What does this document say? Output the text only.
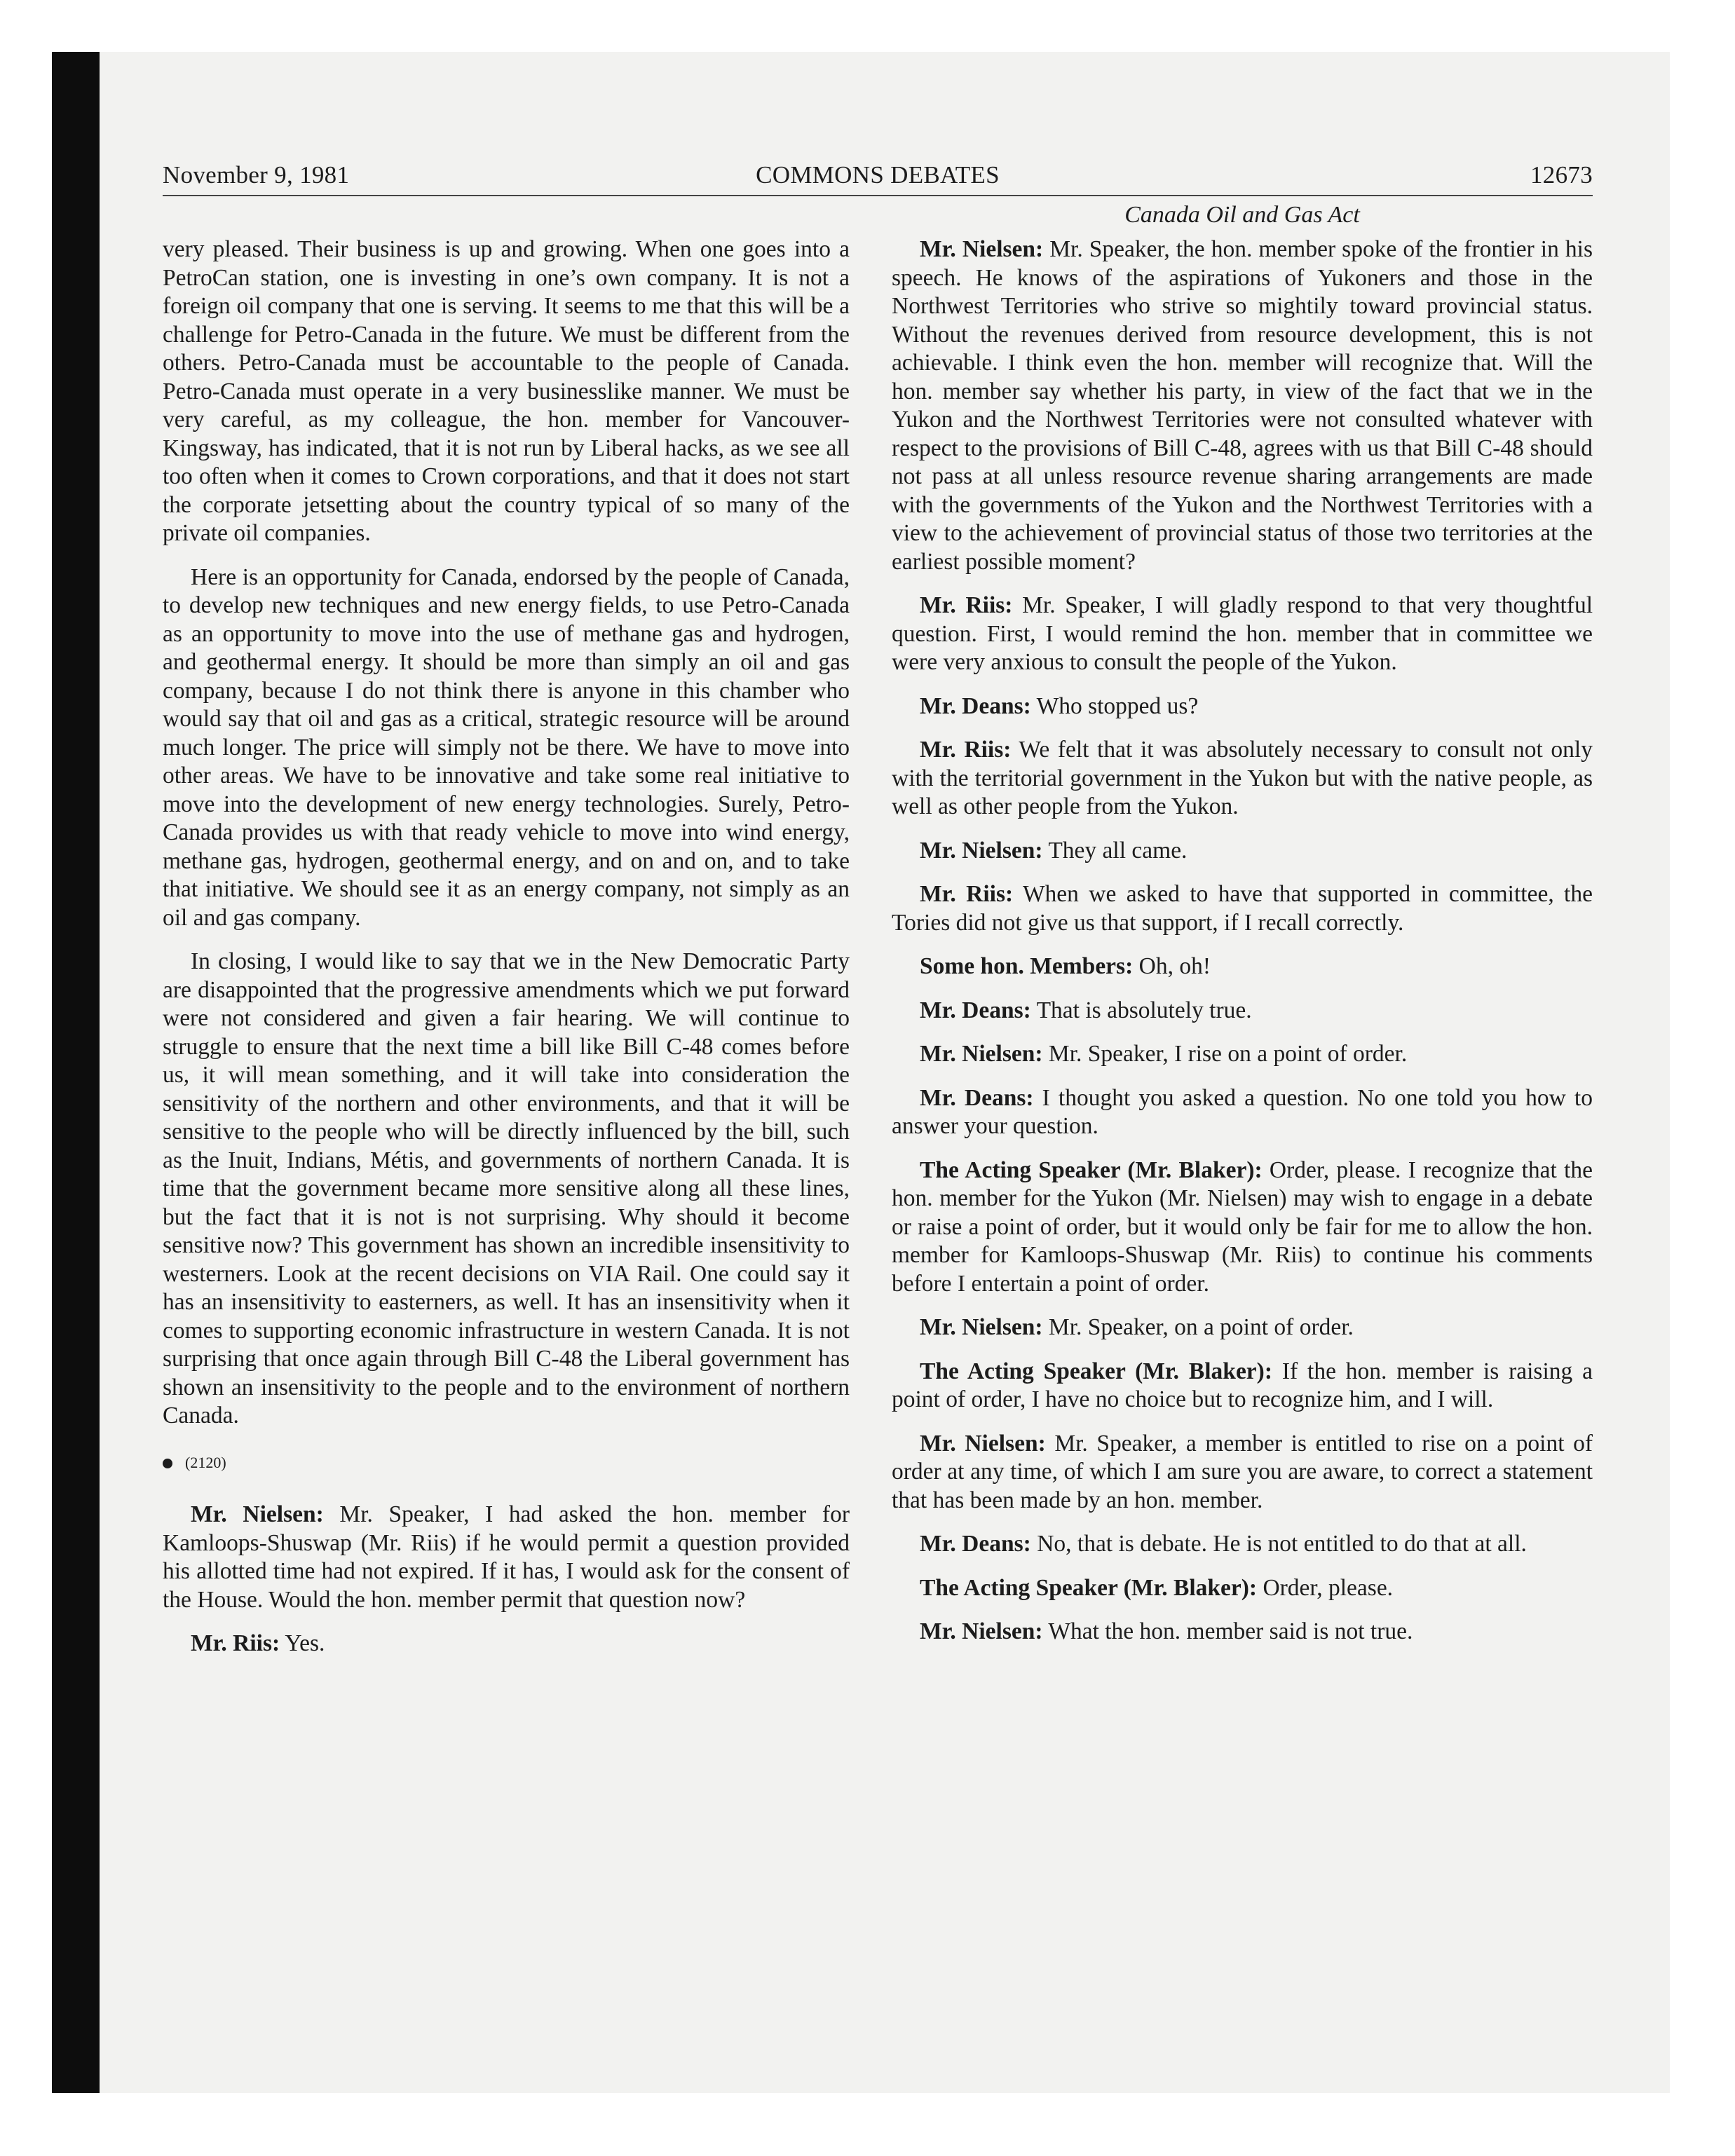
November 9, 1981	COMMONS DEBATES	12673

very pleased. Their business is up and growing. When one goes into a PetroCan station, one is investing in one’s own company. It is not a foreign oil company that one is serving. It seems to me that this will be a challenge for Petro-Canada in the future. We must be different from the others. Petro-Canada must be accountable to the people of Canada. Petro-Canada must operate in a very businesslike manner. We must be very careful, as my colleague, the hon. member for Vancouver-Kingsway, has indicated, that it is not run by Liberal hacks, as we see all too often when it comes to Crown corporations, and that it does not start the corporate jetsetting about the country typical of so many of the private oil companies.

Here is an opportunity for Canada, endorsed by the people of Canada, to develop new techniques and new energy fields, to use Petro-Canada as an opportunity to move into the use of methane gas and hydrogen, and geothermal energy. It should be more than simply an oil and gas company, because I do not think there is anyone in this chamber who would say that oil and gas as a critical, strategic resource will be around much longer. The price will simply not be there. We have to move into other areas. We have to be innovative and take some real initiative to move into the development of new energy technologies. Surely, Petro-Canada provides us with that ready vehicle to move into wind energy, methane gas, hydrogen, geothermal energy, and on and on, and to take that initiative. We should see it as an energy company, not simply as an oil and gas company.

In closing, I would like to say that we in the New Democratic Party are disappointed that the progressive amendments which we put forward were not considered and given a fair hearing. We will continue to struggle to ensure that the next time a bill like Bill C-48 comes before us, it will mean something, and it will take into consideration the sensitivity of the northern and other environments, and that it will be sensitive to the people who will be directly influenced by the bill, such as the Inuit, Indians, Métis, and governments of northern Canada. It is time that the government became more sensitive along all these lines, but the fact that it is not is not surprising. Why should it become sensitive now? This government has shown an incredible insensitivity to westerners. Look at the recent decisions on VIA Rail. One could say it has an insensitivity to easterners, as well. It has an insensitivity when it comes to supporting economic infrastructure in western Canada. It is not surprising that once again through Bill C-48 the Liberal government has shown an insensitivity to the people and to the environment of northern Canada.

(2120)

Mr. Nielsen: Mr. Speaker, I had asked the hon. member for Kamloops-Shuswap (Mr. Riis) if he would permit a question provided his allotted time had not expired. If it has, I would ask for the consent of the House. Would the hon. member permit that question now?

Mr. Riis: Yes.

Canada Oil and Gas Act

Mr. Nielsen: Mr. Speaker, the hon. member spoke of the frontier in his speech. He knows of the aspirations of Yukoners and those in the Northwest Territories who strive so mightily toward provincial status. Without the revenues derived from resource development, this is not achievable. I think even the hon. member will recognize that. Will the hon. member say whether his party, in view of the fact that we in the Yukon and the Northwest Territories were not consulted whatever with respect to the provisions of Bill C-48, agrees with us that Bill C-48 should not pass at all unless resource revenue sharing arrangements are made with the governments of the Yukon and the Northwest Territories with a view to the achievement of provincial status of those two territories at the earliest possible moment?

Mr. Riis: Mr. Speaker, I will gladly respond to that very thoughtful question. First, I would remind the hon. member that in committee we were very anxious to consult the people of the Yukon.

Mr. Deans: Who stopped us?

Mr. Riis: We felt that it was absolutely necessary to consult not only with the territorial government in the Yukon but with the native people, as well as other people from the Yukon.

Mr. Nielsen: They all came.

Mr. Riis: When we asked to have that supported in committee, the Tories did not give us that support, if I recall correctly.

Some hon. Members: Oh, oh!

Mr. Deans: That is absolutely true.

Mr. Nielsen: Mr. Speaker, I rise on a point of order.

Mr. Deans: I thought you asked a question. No one told you how to answer your question.

The Acting Speaker (Mr. Blaker): Order, please. I recognize that the hon. member for the Yukon (Mr. Nielsen) may wish to engage in a debate or raise a point of order, but it would only be fair for me to allow the hon. member for Kamloops-Shuswap (Mr. Riis) to continue his comments before I entertain a point of order.

Mr. Nielsen: Mr. Speaker, on a point of order.

The Acting Speaker (Mr. Blaker): If the hon. member is raising a point of order, I have no choice but to recognize him, and I will.

Mr. Nielsen: Mr. Speaker, a member is entitled to rise on a point of order at any time, of which I am sure you are aware, to correct a statement that has been made by an hon. member.

Mr. Deans: No, that is debate. He is not entitled to do that at all.

The Acting Speaker (Mr. Blaker): Order, please.

Mr. Nielsen: What the hon. member said is not true.
